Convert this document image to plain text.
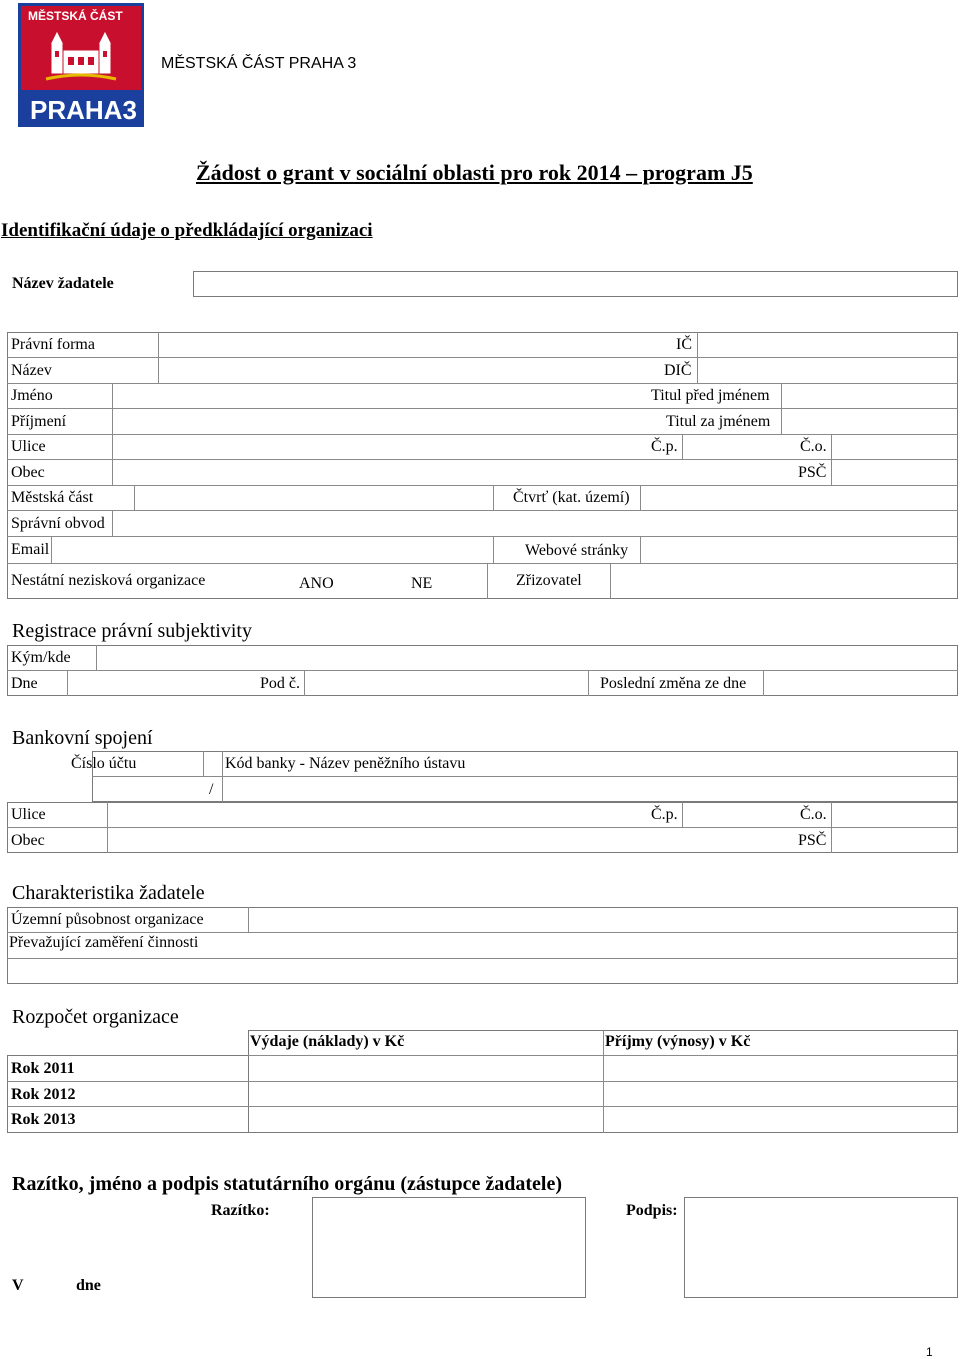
MĚSTSKÁ ČÁST
PRAHA3
MĚSTSKÁ ČÁST PRAHA 3
Žádost o grant v sociální oblasti pro rok 2014 – program J5
Identifikační údaje o předkládající organizaci
Název žadatele
Právní forma	IČ
Název	DIČ
Jméno	Titul před jménem
Příjmení	Titul za jménem
Ulice	Č.p.	Č.o.
Obec	PSČ
Městská část	Čtvrť (kat. území)
Správní obvod
Email	Webové stránky
Nestátní nezisková organizace	ANO	NE	Zřizovatel
Registrace právní subjektivity
Kým/kde
Dne	Pod č.	Poslední změna ze dne
Bankovní spojení
Číslo účtu	Kód banky - Název peněžního ústavu
/
Ulice	Č.p.	Č.o.
Obec	PSČ
Charakteristika žadatele
Územní působnost organizace
Převažující zaměření činnosti
Rozpočet organizace
Výdaje (náklady) v Kč	Příjmy (výnosy) v Kč
Rok 2011
Rok 2012
Rok 2013
Razítko, jméno a podpis statutárního orgánu (zástupce žadatele)
Razítko:	Podpis:
V	dne
1
